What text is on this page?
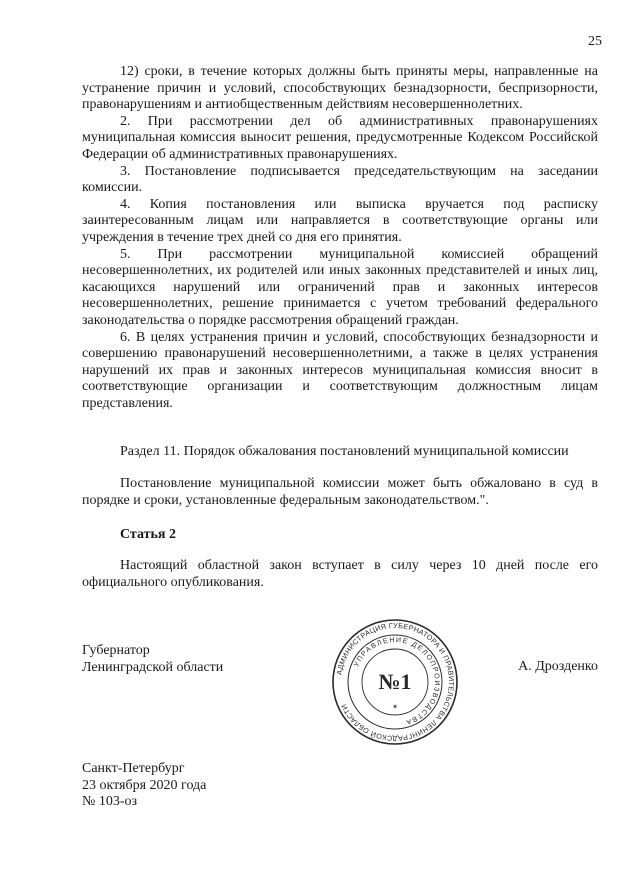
25

12) сроки, в течение которых должны быть приняты меры, направленные на устранение причин и условий, способствующих безнадзорности, беспризорности, правонарушениям и антиобщественным действиям несовершеннолетних.

2. При рассмотрении дел об административных правонарушениях муниципальная комиссия выносит решения, предусмотренные Кодексом Российской Федерации об административных правонарушениях.

3. Постановление подписывается председательствующим на заседании комиссии.

4. Копия постановления или выписка вручается под расписку заинтересованным лицам или направляется в соответствующие органы или учреждения в течение трех дней со дня его принятия.

5. При рассмотрении муниципальной комиссией обращений несовершеннолетних, их родителей или иных законных представителей и иных лиц, касающихся нарушений или ограничений прав и законных интересов несовершеннолетних, решение принимается с учетом требований федерального законодательства о порядке рассмотрения обращений граждан.

6. В целях устранения причин и условий, способствующих безнадзорности и совершению правонарушений несовершеннолетними, а также в целях устранения нарушений их прав и законных интересов муниципальная комиссия вносит в соответствующие организации и соответствующим должностным лицам представления.

Раздел 11. Порядок обжалования постановлений муниципальной комиссии

Постановление муниципальной комиссии может быть обжаловано в суд в порядке и сроки, установленные федеральным законодательством.".

Статья 2

Настоящий областной закон вступает в силу через 10 дней после его официального опубликования.

Губернатор
Ленинградской области	АДМИНИСТРАЦИЯ ГУБЕРНАТОРА И ПРАВИТЕЛЬСТВА ЛЕНИНГРАДСКОЙ ОБЛАСТИ
УПРАВЛЕНИЕ ДЕЛОПРОИЗВОДСТВА
№1
✶
А. Дрозденко
Санкт-Петербург
23 октября 2020 года
№ 103-оз
